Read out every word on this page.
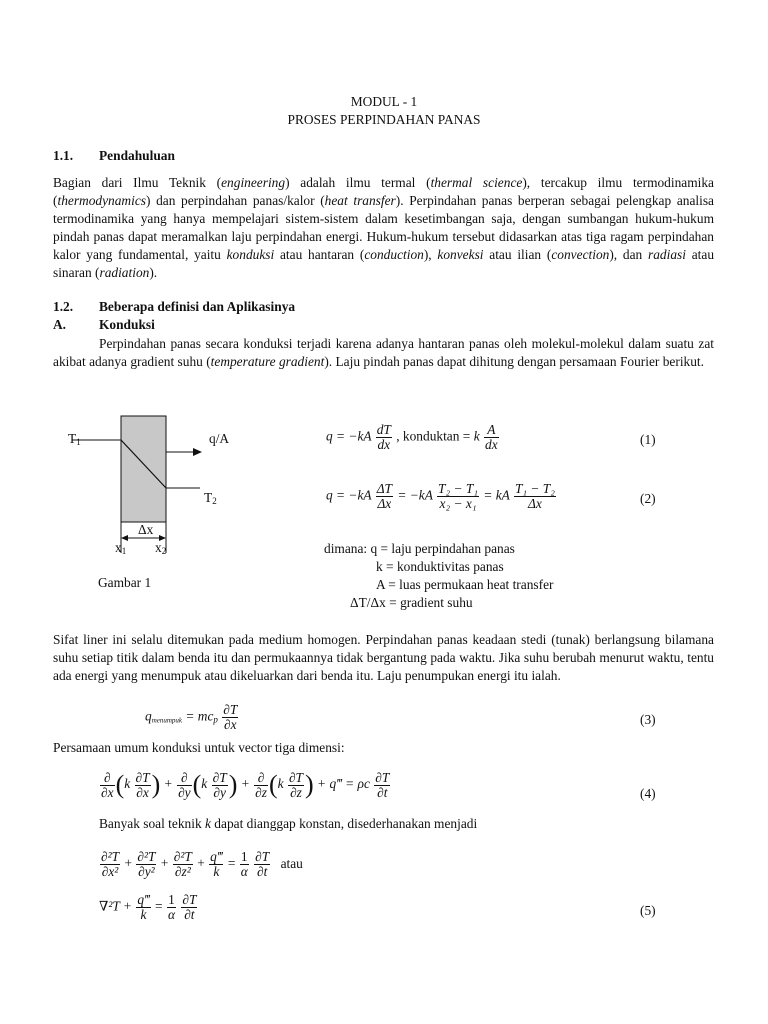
MODUL - 1
PROSES PERPINDAHAN PANAS
1.1. Pendahuluan
Bagian dari Ilmu Teknik (engineering) adalah ilmu termal (thermal science), tercakup ilmu termodinamika (thermodynamics) dan perpindahan panas/kalor (heat transfer). Perpindahan panas berperan sebagai pelengkap analisa termodinamika yang hanya mempelajari sistem-sistem dalam kesetimbangan saja, dengan sumbangan hukum-hukum pindah panas dapat meramalkan laju perpindahan energi. Hukum-hukum tersebut didasarkan atas tiga ragam perpindahan kalor yang fundamental, yaitu konduksi atau hantaran (conduction), konveksi atau ilian (convection), dan radiasi atau sinaran (radiation).
1.2. Beberapa definisi dan Aplikasinya
A. Konduksi
Perpindahan panas secara konduksi terjadi karena adanya hantaran panas oleh molekul-molekul dalam suatu zat akibat adanya gradient suhu (temperature gradient). Laju pindah panas dapat dihitung dengan persamaan Fourier berikut.
$T_1$	q/A
$T_2$
Δx
$x_1$ $x_2$
Gambar 1
$q = -kA \frac{dT}{dx}$ , konduktan = k $\frac{A}{dx}$	(1)
$q = -kA \frac{\Delta T}{\Delta x} = -kA \frac{\text{T₂ − T₁}}{\text{x₂ − x₁}}$ = kA $\frac{\text{T₁ − T₂}}{\Delta x}$	(2)
dimana: q = laju perpindahan panas
k = konduktivitas panas
A = luas permukaan heat transfer
ΔT/Δx = gradient suhu
Sifat liner ini selalu ditemukan pada medium homogen. Perpindahan panas keadaan stedi (tunak) berlangsung bilamana suhu setiap titik dalam benda itu dan permukaannya tidak bergantung pada waktu. Jika suhu berubah menurut waktu, tentu ada energi yang menumpuk atau dikeluarkan dari benda itu. Laju penumpukan energi itu ialah.
$q_{menumpuk} = mc_p \frac{\partial T}{\partial x}$	(3)
Persamaan umum konduksi untuk vector tiga dimensi:
$\frac{\partial}{\partial x} (k \frac{\partial T}{\partial x}$ ) + $\frac{\partial}{\partial y} (k \frac{\partial T}{\partial y}$ ) + $\frac{\partial}{\partial z} (k \frac{\partial T}{\partial z}$ ) + q‴ = ρc $\frac{\partial T}{\partial t}$	(4)
Banyak soal teknik k dapat dianggap konstan, disederhanakan menjadi
$\frac{\text{∂²T}}{\text{∂x²}} + \frac{\text{∂²T}}{\text{∂y²}} + \frac{\text{∂²T}}{\text{∂z²}} + \frac{q‴}{k} = \frac{1}{\alpha}$
$\frac{\partial T}{\partial t}$ atau
$\nabla^2T + \frac{q‴}{k} = \frac{1}{\alpha}$
$\frac{\partial T}{\partial t}$	(5)
